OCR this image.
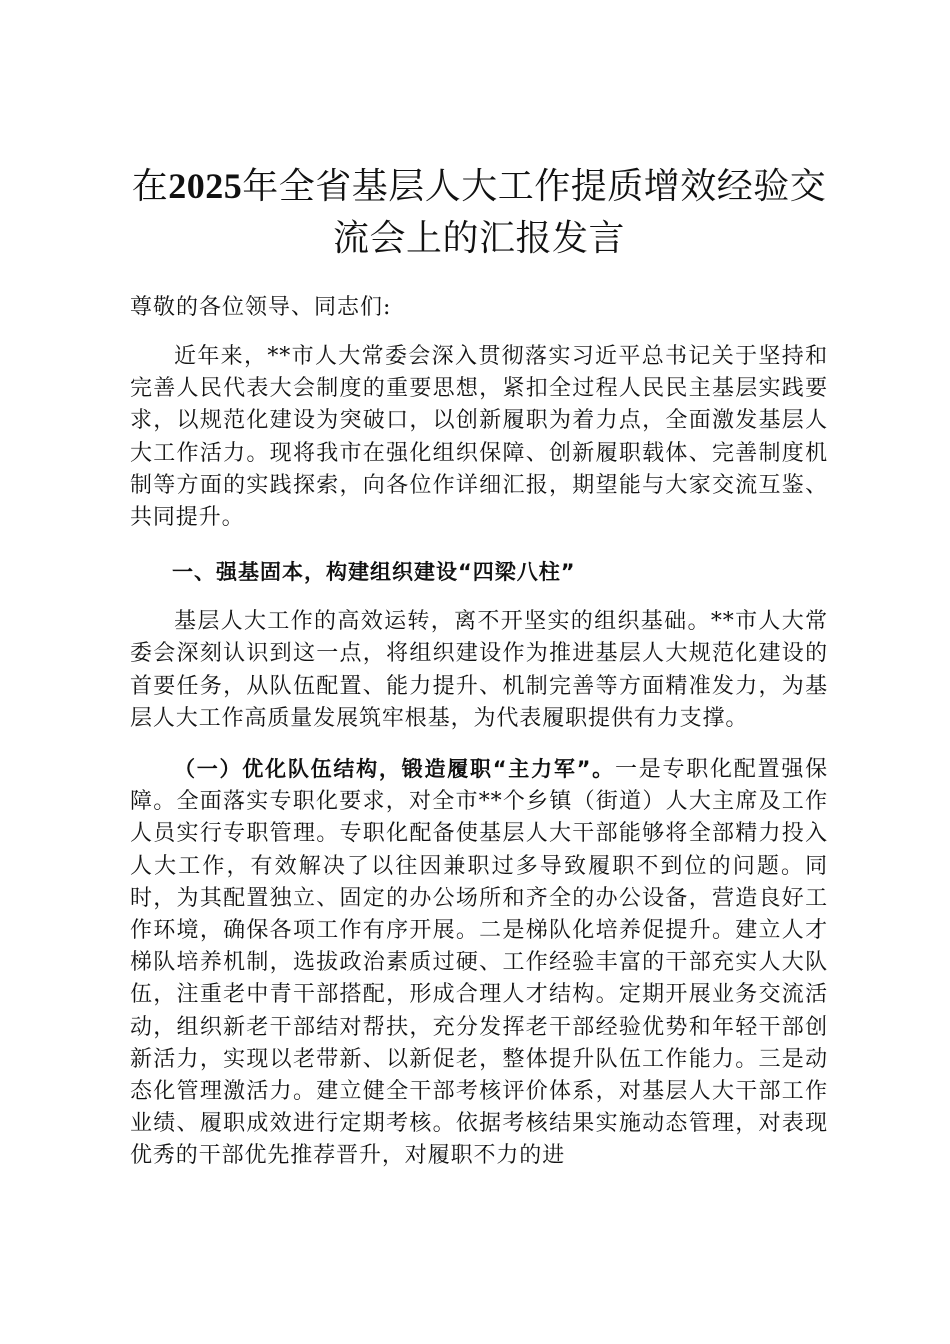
在2025年全省基层人大工作提质增效经验交流会上的汇报发言

尊敬的各位领导、同志们:

近年来，**市人大常委会深入贯彻落实习近平总书记关于坚持和完善人民代表大会制度的重要思想，紧扣全过程人民民主基层实践要求，以规范化建设为突破口，以创新履职为着力点，全面激发基层人大工作活力。现将我市在强化组织保障、创新履职载体、完善制度机制等方面的实践探索，向各位作详细汇报，期望能与大家交流互鉴、共同提升。

一、强基固本，构建组织建设“四梁八柱”

基层人大工作的高效运转，离不开坚实的组织基础。**市人大常委会深刻认识到这一点，将组织建设作为推进基层人大规范化建设的首要任务，从队伍配置、能力提升、机制完善等方面精准发力，为基层人大工作高质量发展筑牢根基，为代表履职提供有力支撑。

（一）优化队伍结构，锻造履职“主力军”。一是专职化配置强保障。全面落实专职化要求，对全市**个乡镇（街道）人大主席及工作人员实行专职管理。专职化配备使基层人大干部能够将全部精力投入人大工作，有效解决了以往因兼职过多导致履职不到位的问题。同时，为其配置独立、固定的办公场所和齐全的办公设备，营造良好工作环境，确保各项工作有序开展。二是梯队化培养促提升。建立人才梯队培养机制，选拔政治素质过硬、工作经验丰富的干部充实人大队伍，注重老中青干部搭配，形成合理人才结构。定期开展业务交流活动，组织新老干部结对帮扶，充分发挥老干部经验优势和年轻干部创新活力，实现以老带新、以新促老，整体提升队伍工作能力。三是动态化管理激活力。建立健全干部考核评价体系，对基层人大干部工作业绩、履职成效进行定期考核。依据考核结果实施动态管理，对表现优秀的干部优先推荐晋升，对履职不力的进
